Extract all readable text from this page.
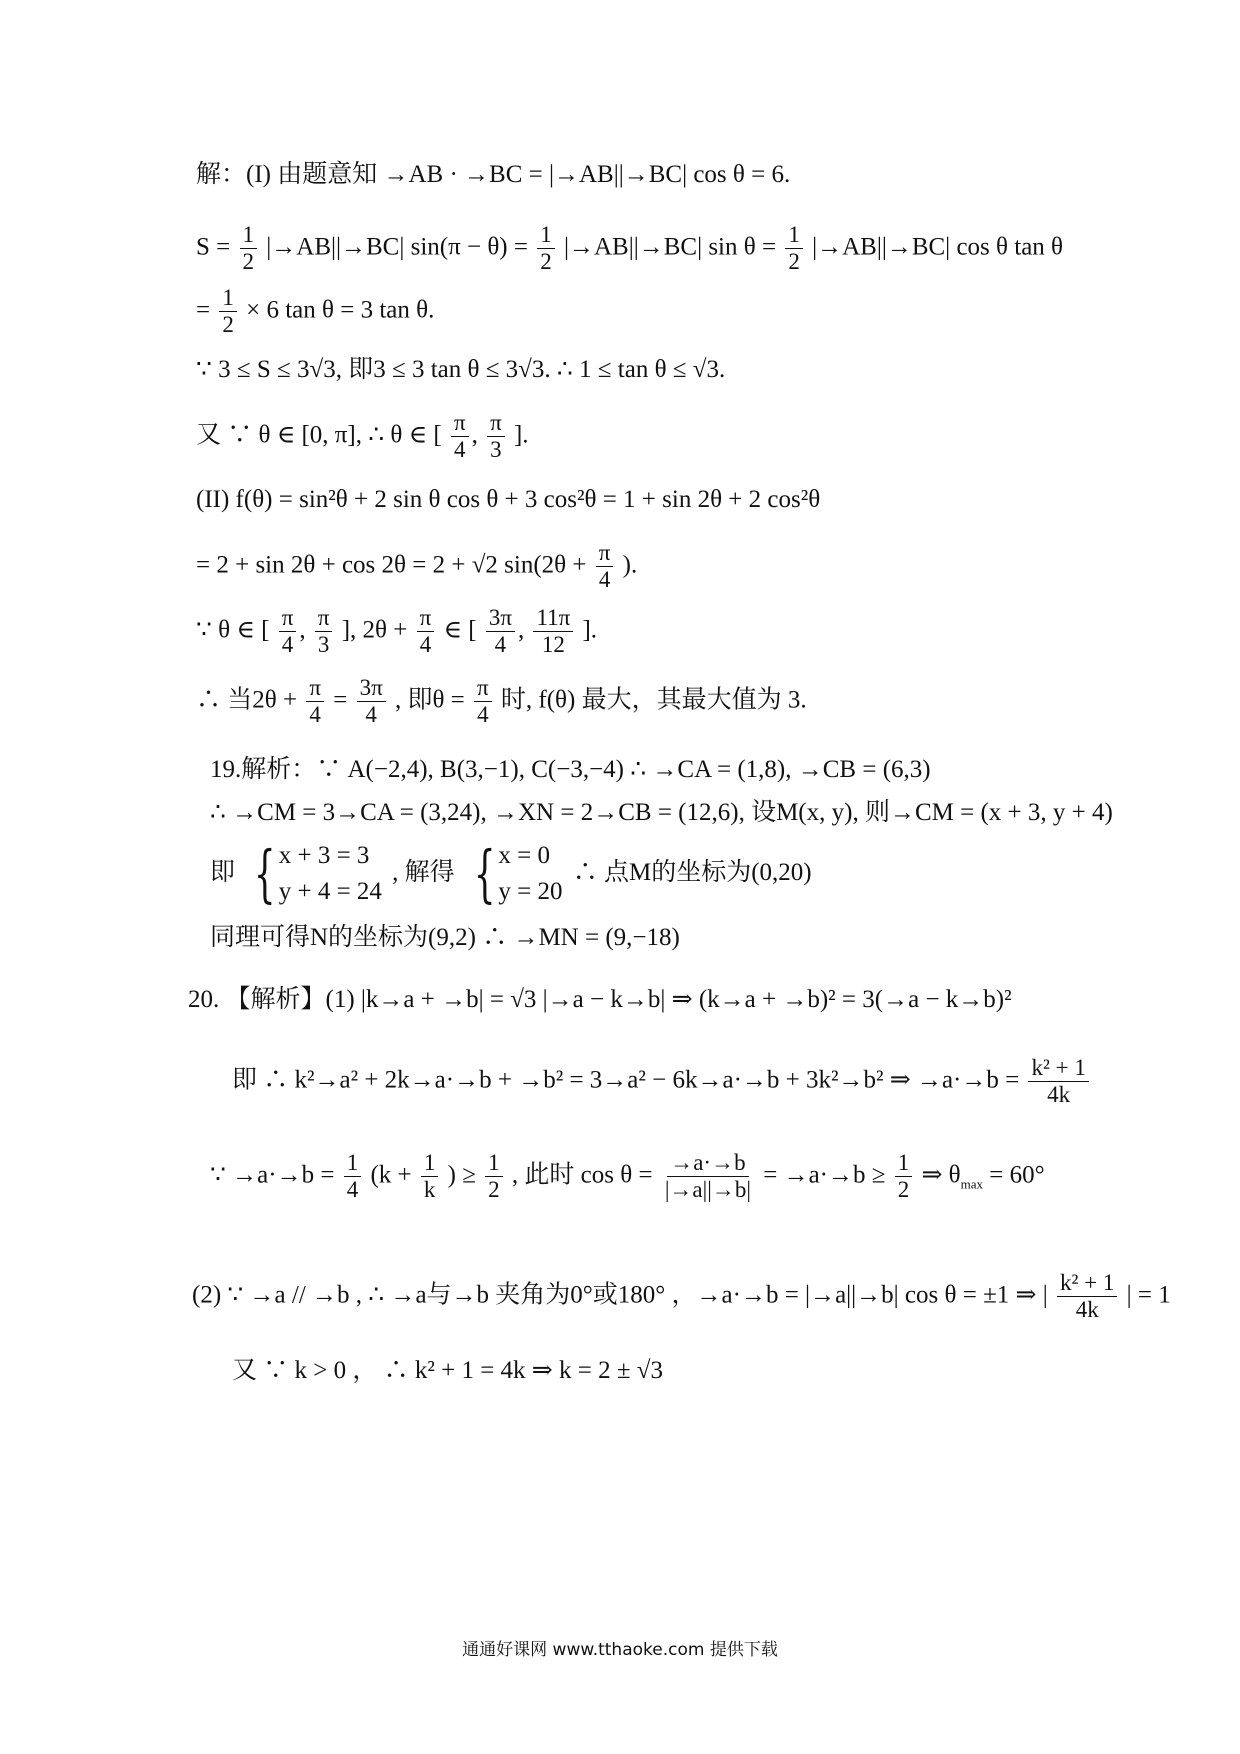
解：(I) 由题意知 →AB · →BC = |→AB||→BC| cos θ = 6.
$S = \frac{1}{2} |\to AB||\to BC|$ $\sin(\pi - \theta) = \frac{1}{2} |\to AB||\to BC|$ $\sin \theta = \frac{1}{2} |\to AB||\to BC|$ cos θ tan θ
= $\frac{1}{2} \times 6$ tan θ = 3 tan θ.
∵ 3 ≤ S ≤ 3√3, 即3 ≤ 3 tan θ ≤ 3√3. ∴ 1 ≤ tan θ ≤ √3.
又 ∵ θ ∈ [0, π], ∴ θ ∈ [ $\frac{\pi}{4}$ , $\frac{\pi}{3}$ ].
(II) f(θ) = sin²θ + 2 sin θ cos θ + 3 cos²θ = 1 + sin 2θ + 2 cos²θ
= 2 + sin 2θ + cos 2θ = 2 + √2 $\sin(2\theta + \frac{\pi}{4}$ ).
∵ θ ∈ [ $\frac{\pi}{4}$ , $\frac{\pi}{3}$ ], $2\theta + \frac{\pi}{4}$ ∈ [ $\frac{3\pi}{4}$ , $\frac{11\pi}{12}$ ].
∴ 当$2\theta + \frac{\pi}{4} = \frac{3\pi}{4}$ , 即$\theta = \frac{\pi}{4}$ 时, f(θ) 最大，其最大值为 3.
19.解析：∵ A(−2,4), B(3,−1), C(−3,−4) ∴ →CA = (1,8), →CB = (6,3)
∴ →CM = 3→CA = (3,24), →XN = 2→CB = (12,6), 设M(x, y), 则→CM = (x + 3, y + 4)
即 { x + 3 = 3
y + 4 = 24
, 解得 { x = 0
y = 20
∴ 点M的坐标为(0,20)
同理可得N的坐标为(9,2) ∴ →MN = (9,−18)
20. 【解析】(1) |k→a + →b| = √3 |→a − k→b| ⇒ (k→a + →b)² = 3(→a − k→b)²
即 ∴ k²→a² + 2k→a·→b + →b² = 3→a² − 6k→a·→b + 3k²→b² ⇒ $\to a\cdot\to b = \frac{\text{k² + 1}}{4k}$
∵ $\to a\cdot\to b = \frac{1}{4} (k + \frac{1}{k}$ ) ≥ $\frac{1}{2}$ , 此时 $\cos \theta = \frac{\to a\cdot\to b}{|\to a||\to b|} = \to a\cdot\to b \ge \frac{1}{2}$ ⇒ $\theta_{max} = 60^\circ$
(2) ∵ →a // →b , ∴ →a与→b 夹角为0°或180° ，→a·→b = |→a||→b| cos θ = ±1 ⇒ | $\frac{\text{k² + 1}}{4k}$ | = 1
又 ∵ k > 0 ， ∴ k² + 1 = 4k ⇒ k = 2 ± √3
通通好课网 www.tthaoke.com 提供下载
